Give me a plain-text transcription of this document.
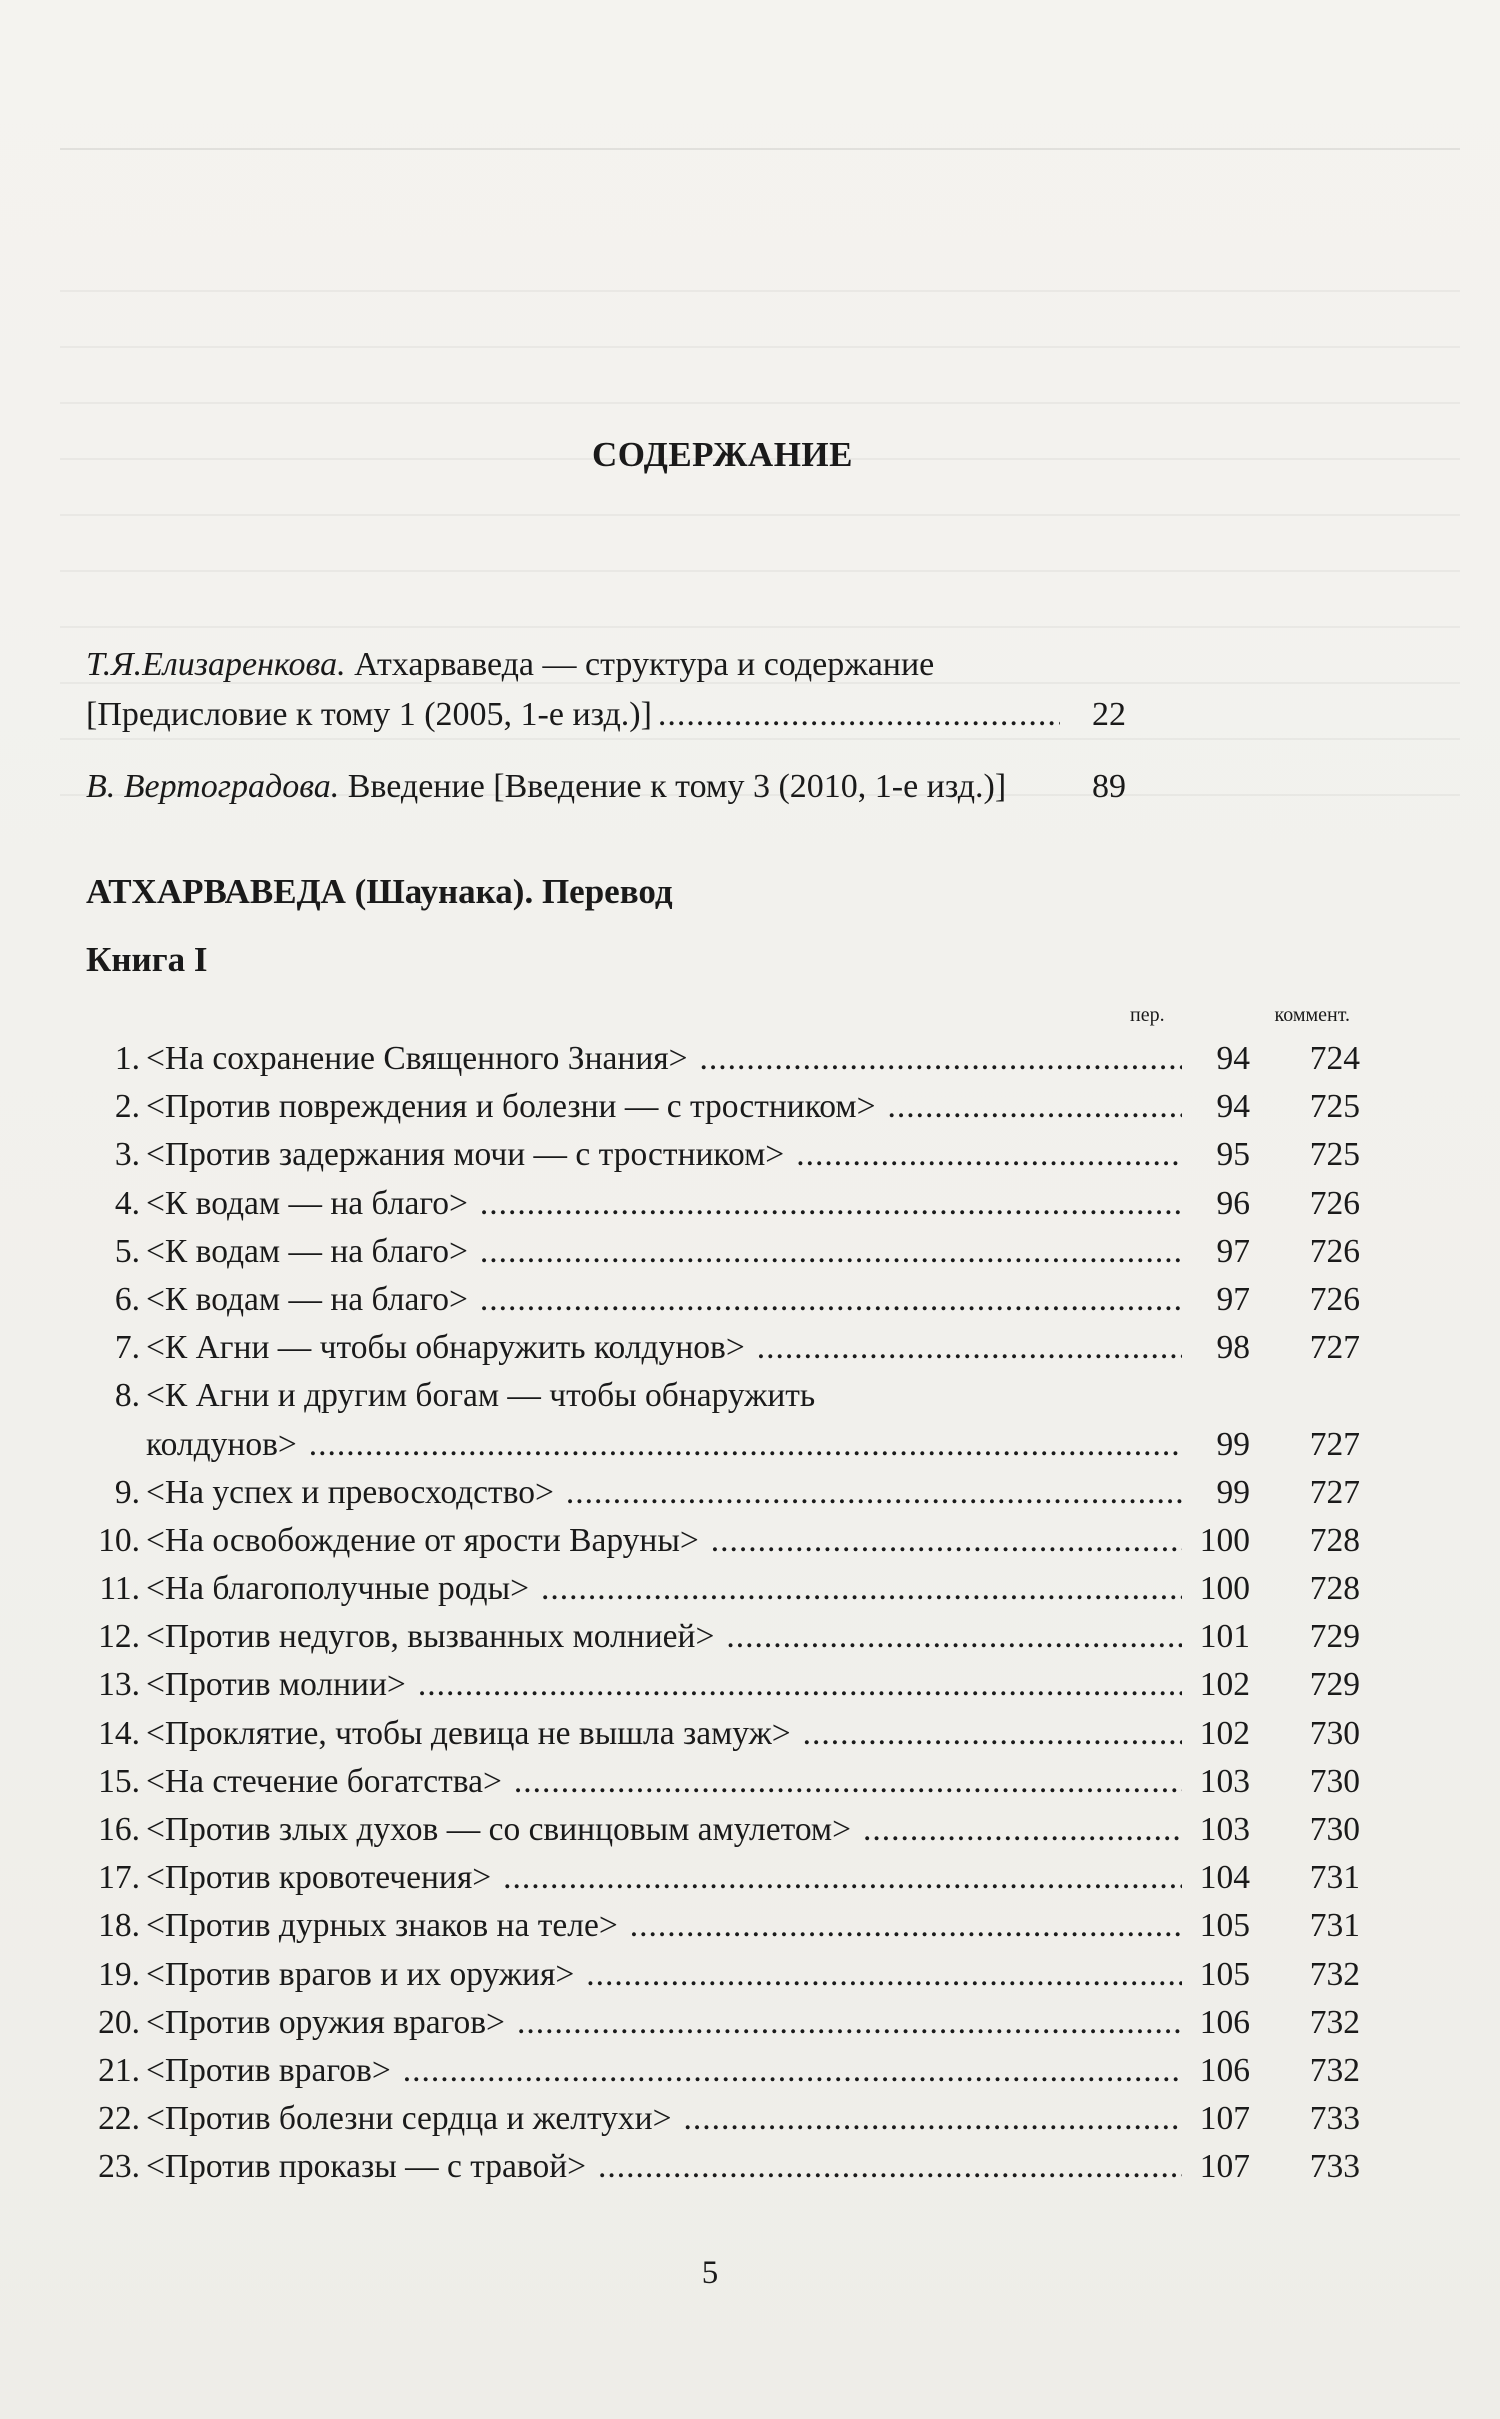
СОДЕРЖАНИЕ
Т.Я.Елизаренкова. Атхарваведа — структура и содержание
[Предисловие к тому 1 (2005, 1-е изд.)] .....	22
В. Вертоградова. Введение [Введение к тому 3 (2010, 1-е изд.)]	89
АТХАРВАВЕДА (Шаунака). Перевод
Книга I
пер.	коммент.
1. <На сохранение Священного Знания> .....	94	724
2. <Против повреждения и болезни — с тростником> .....	94	725
3. <Против задержания мочи — с тростником> .....	95	725
4. <К водам — на благо> .....	96	726
5. <К водам — на благо> .....	97	726
6. <К водам — на благо> .....	97	726
7. <К Агни — чтобы обнаружить колдунов> .....	98	727
8. <К Агни и другим богам — чтобы обнаружить
колдунов> .....	99	727
9. <На успех и превосходство> .....	99	727
10. <На освобождение от ярости Варуны> .....	100	728
11. <На благополучные роды> .....	100	728
12. <Против недугов, вызванных молнией> .....	101	729
13. <Против молнии> .....	102	729
14. <Проклятие, чтобы девица не вышла замуж> .....	102	730
15. <На стечение богатства> .....	103	730
16. <Против злых духов — со свинцовым амулетом> .....	103	730
17. <Против кровотечения> .....	104	731
18. <Против дурных знаков на теле> .....	105	731
19. <Против врагов и их оружия> .....	105	732
20. <Против оружия врагов> .....	106	732
21. <Против врагов> .....	106	732
22. <Против болезни сердца и желтухи> .....	107	733
23. <Против проказы — с травой> .....	107	733
5
